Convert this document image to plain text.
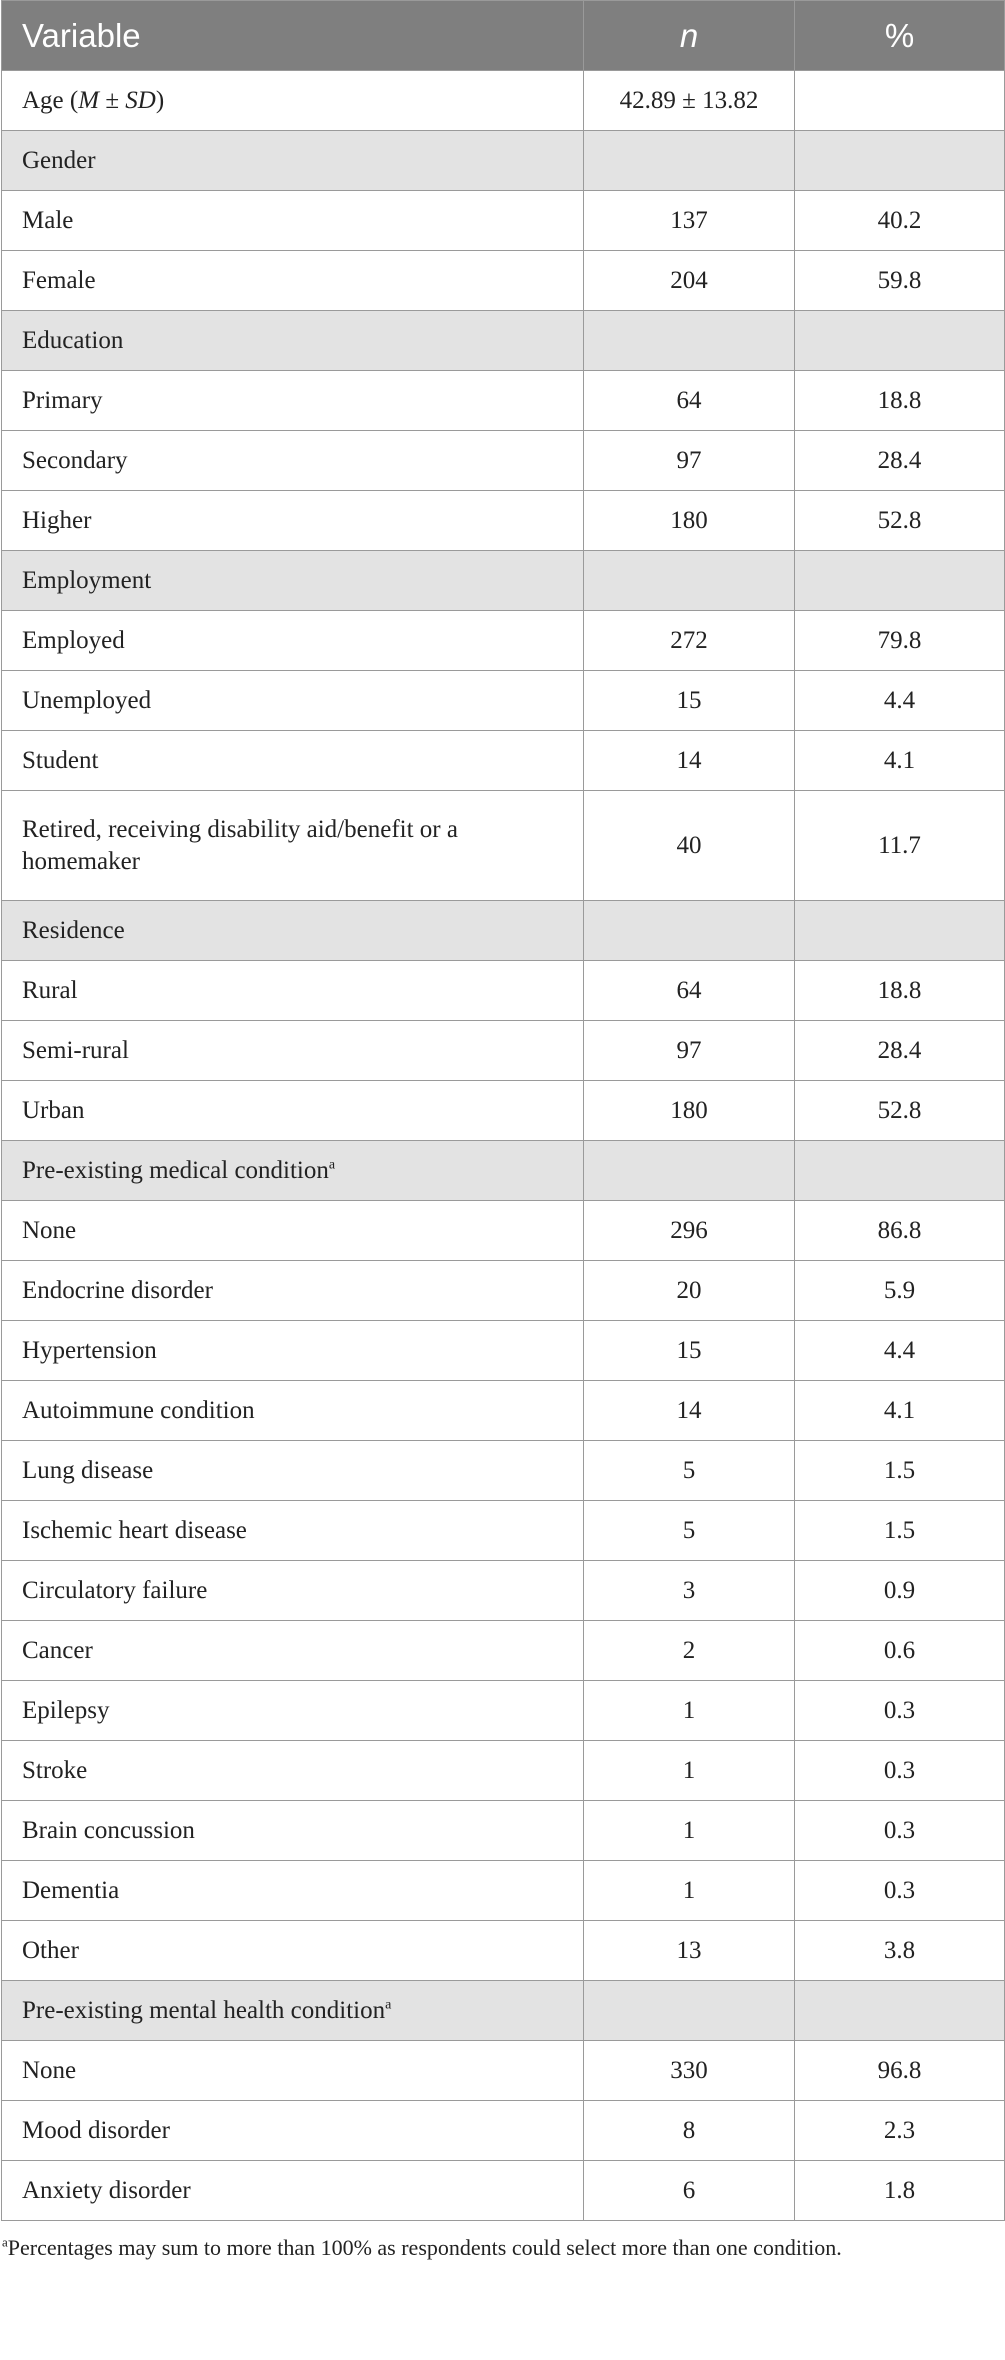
Variable	n	%
Age (M ± SD)	42.89 ± 13.82	
Gender		
Male	137	40.2
Female	204	59.8
Education		
Primary	64	18.8
Secondary	97	28.4
Higher	180	52.8
Employment		
Employed	272	79.8
Unemployed	15	4.4
Student	14	4.1
Retired, receiving disability aid/benefit or a homemaker	40	11.7
Residence		
Rural	64	18.8
Semi-rural	97	28.4
Urban	180	52.8
Pre-existing medical condition$^a$		
None	296	86.8
Endocrine disorder	20	5.9
Hypertension	15	4.4
Autoimmune condition	14	4.1
Lung disease	5	1.5
Ischemic heart disease	5	1.5
Circulatory failure	3	0.9
Cancer	2	0.6
Epilepsy	1	0.3
Stroke	1	0.3
Brain concussion	1	0.3
Dementia	1	0.3
Other	13	3.8
Pre-existing mental health condition$^a$		
None	330	96.8
Mood disorder	8	2.3
Anxiety disorder	6	1.8
$^a$Percentages may sum to more than 100% as respondents could select more than one condition.
